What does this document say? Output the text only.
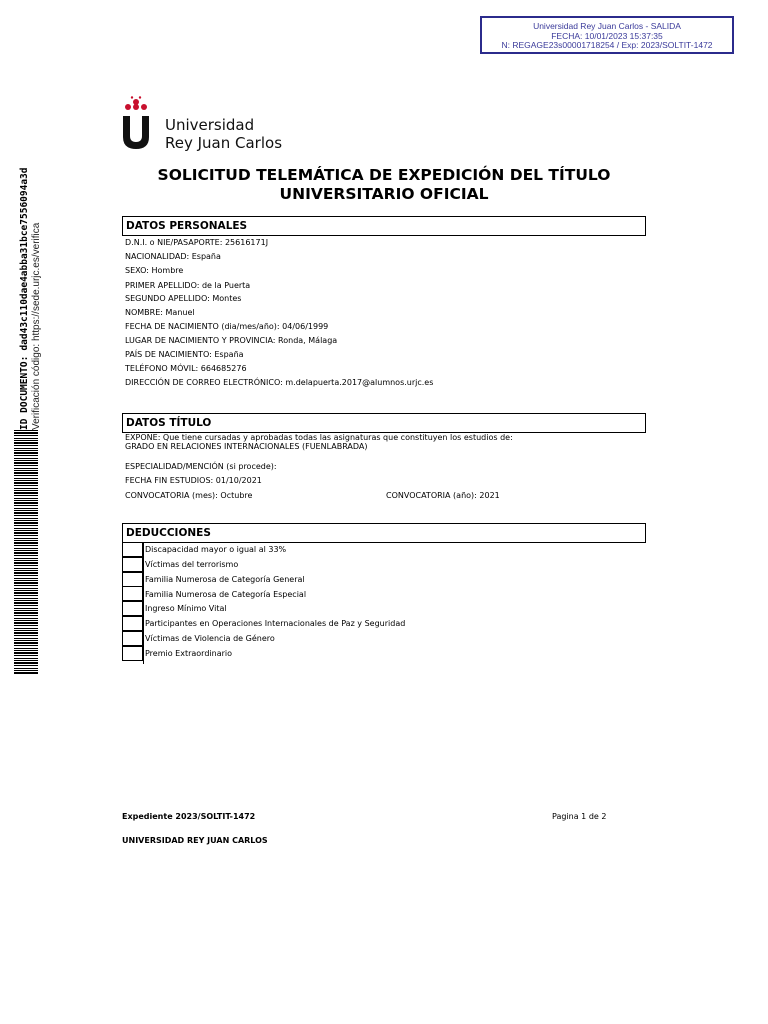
Universidad Rey Juan Carlos - SALIDA
FECHA: 10/01/2023 15:37:35
N: REGAGE23s00001718254 / Exp: 2023/SOLTIT-1472
ID DOCUMENTO: dad43c110dae4abba31bce7556094a3d Verificación código: https://sede.urjc.es/verifica
Universidad
Rey Juan Carlos
SOLICITUD TELEMÁTICA DE EXPEDICIÓN DEL TÍTULO
UNIVERSITARIO OFICIAL
DATOS PERSONALES
D.N.I. o NIE/PASAPORTE: 25616171J
NACIONALIDAD: España
SEXO: Hombre
PRIMER APELLIDO: de la Puerta
SEGUNDO APELLIDO: Montes
NOMBRE: Manuel
FECHA DE NACIMIENTO (dia/mes/año): 04/06/1999
LUGAR DE NACIMIENTO Y PROVINCIA: Ronda, Málaga
PAÍS DE NACIMIENTO: España
TELÉFONO MÓVIL: 664685276
DIRECCIÓN DE CORREO ELECTRÓNICO: m.delapuerta.2017@alumnos.urjc.es
DATOS TÍTULO
EXPONE: Que tiene cursadas y aprobadas todas las asignaturas que constituyen los estudios de:
GRADO EN RELACIONES INTERNACIONALES (FUENLABRADA)
ESPECIALIDAD/MENCIÓN (si procede):
FECHA FIN ESTUDIOS: 01/10/2021
CONVOCATORIA (mes): Octubre	CONVOCATORIA (año): 2021
DEDUCCIONES
Discapacidad mayor o igual al 33%
Víctimas del terrorismo
Familia Numerosa de Categoría General
Familia Numerosa de Categoría Especial
Ingreso Mínimo Vital
Participantes en Operaciones Internacionales de Paz y Seguridad
Víctimas de Violencia de Género
Premio Extraordinario
Expediente 2023/SOLTIT-1472	Pagina 1 de 2
UNIVERSIDAD REY JUAN CARLOS
